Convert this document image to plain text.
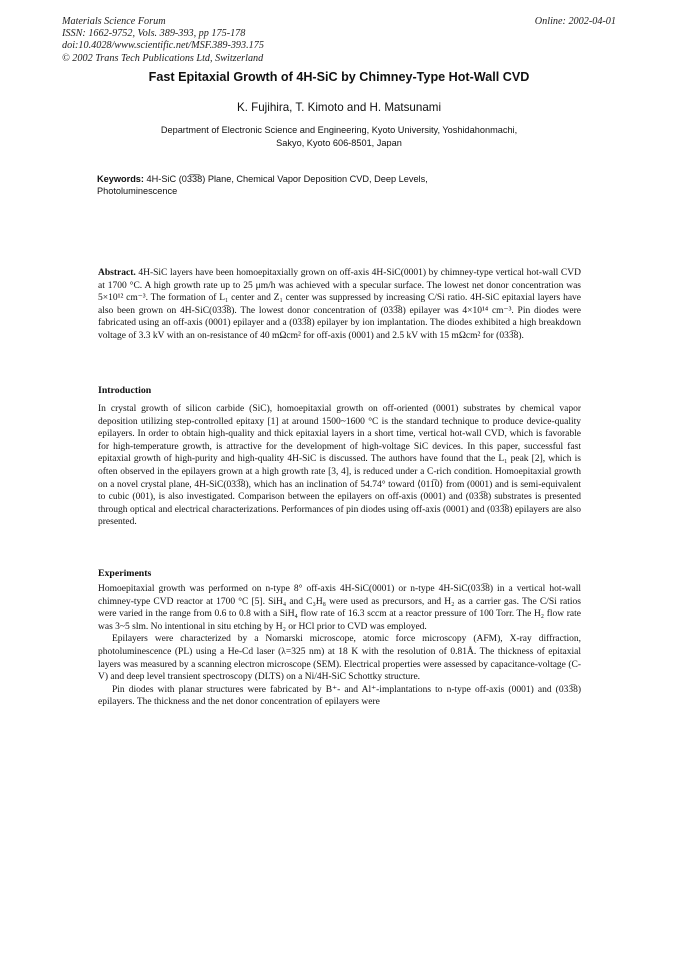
Materials Science Forum
ISSN: 1662-9752, Vols. 389-393, pp 175-178
doi:10.4028/www.scientific.net/MSF.389-393.175
© 2002 Trans Tech Publications Ltd, Switzerland
Online: 2002-04-01
Fast Epitaxial Growth of 4H-SiC by Chimney-Type Hot-Wall CVD
K. Fujihira, T. Kimoto and H. Matsunami
Department of Electronic Science and Engineering, Kyoto University, Yoshidahonmachi,
Sakyo, Kyoto 606-8501, Japan
Keywords: 4H-SiC (03̅3̅8) Plane, Chemical Vapor Deposition CVD, Deep Levels,
Photoluminescence
Abstract. 4H-SiC layers have been homoepitaxially grown on off-axis 4H-SiC(0001) by chimney-type vertical hot-wall CVD at 1700 °C. A high growth rate up to 25 μm/h was achieved with a specular surface. The lowest net donor concentration was 5×10¹² cm⁻³. The formation of L₁ center and Z₁ center was suppressed by increasing C/Si ratio. 4H-SiC epitaxial layers have also been grown on 4H-SiC(033̅8). The lowest donor concentration of (033̅8) epilayer was 4×10¹⁴ cm⁻³. Pin diodes were fabricated using an off-axis (0001) epilayer and a (033̅8) epilayer by ion implantation. The diodes exhibited a high breakdown voltage of 3.3 kV with an on-resistance of 40 mΩcm² for off-axis (0001) and 2.5 kV with 15 mΩcm² for (033̅8).
Introduction
In crystal growth of silicon carbide (SiC), homoepitaxial growth on off-oriented (0001) substrates by chemical vapor deposition utilizing step-controlled epitaxy [1] at around 1500~1600 °C is the standard technique to produce device-quality epilayers. In order to obtain high-quality and thick epitaxial layers in a short time, vertical hot-wall CVD, which is favorable for high-temperature growth, is attractive for the development of high-voltage SiC devices. In this paper, successful fast epitaxial growth of high-purity and high-quality 4H-SiC is discussed. The authors have found that the L₁ peak [2], which is often observed in the epilayers grown at a high growth rate [3, 4], is reduced under a C-rich condition. Homoepitaxial growth on a novel crystal plane, 4H-SiC(033̅8), which has an inclination of 54.74° toward ⟨011̅0⟩ from (0001) and is semi-equivalent to cubic (001), is also investigated. Comparison between the epilayers on off-axis (0001) and (033̅8) substrates is presented through optical and electrical characterizations. Performances of pin diodes using off-axis (0001) and (033̅8) epilayers are also presented.
Experiments

Homoepitaxial growth was performed on n-type 8° off-axis 4H-SiC(0001) or n-type 4H-SiC(033̅8) in a vertical hot-wall chimney-type CVD reactor at 1700 °C [5]. SiH₄ and C₃H₈ were used as precursors, and H₂ as a carrier gas. The C/Si ratios were varied in the range from 0.6 to 0.8 with a SiH₄ flow rate of 16.3 sccm at a reactor pressure of 100 Torr. The H₂ flow rate was 3~5 slm. No intentional in situ etching by H₂ or HCl prior to CVD was employed.

Epilayers were characterized by a Nomarski microscope, atomic force microscopy (AFM), X-ray diffraction, photoluminescence (PL) using a He-Cd laser (λ=325 nm) at 18 K with the resolution of 0.81Å. The thickness of epitaxial layers was measured by a scanning electron microscope (SEM). Electrical properties were assessed by capacitance-voltage (C-V) and deep level transient spectroscopy (DLTS) on a Ni/4H-SiC Schottky structure.

Pin diodes with planar structures were fabricated by B⁺- and Al⁺-implantations to n-type off-axis (0001) and (033̅8) epilayers. The thickness and the net donor concentration of epilayers were
